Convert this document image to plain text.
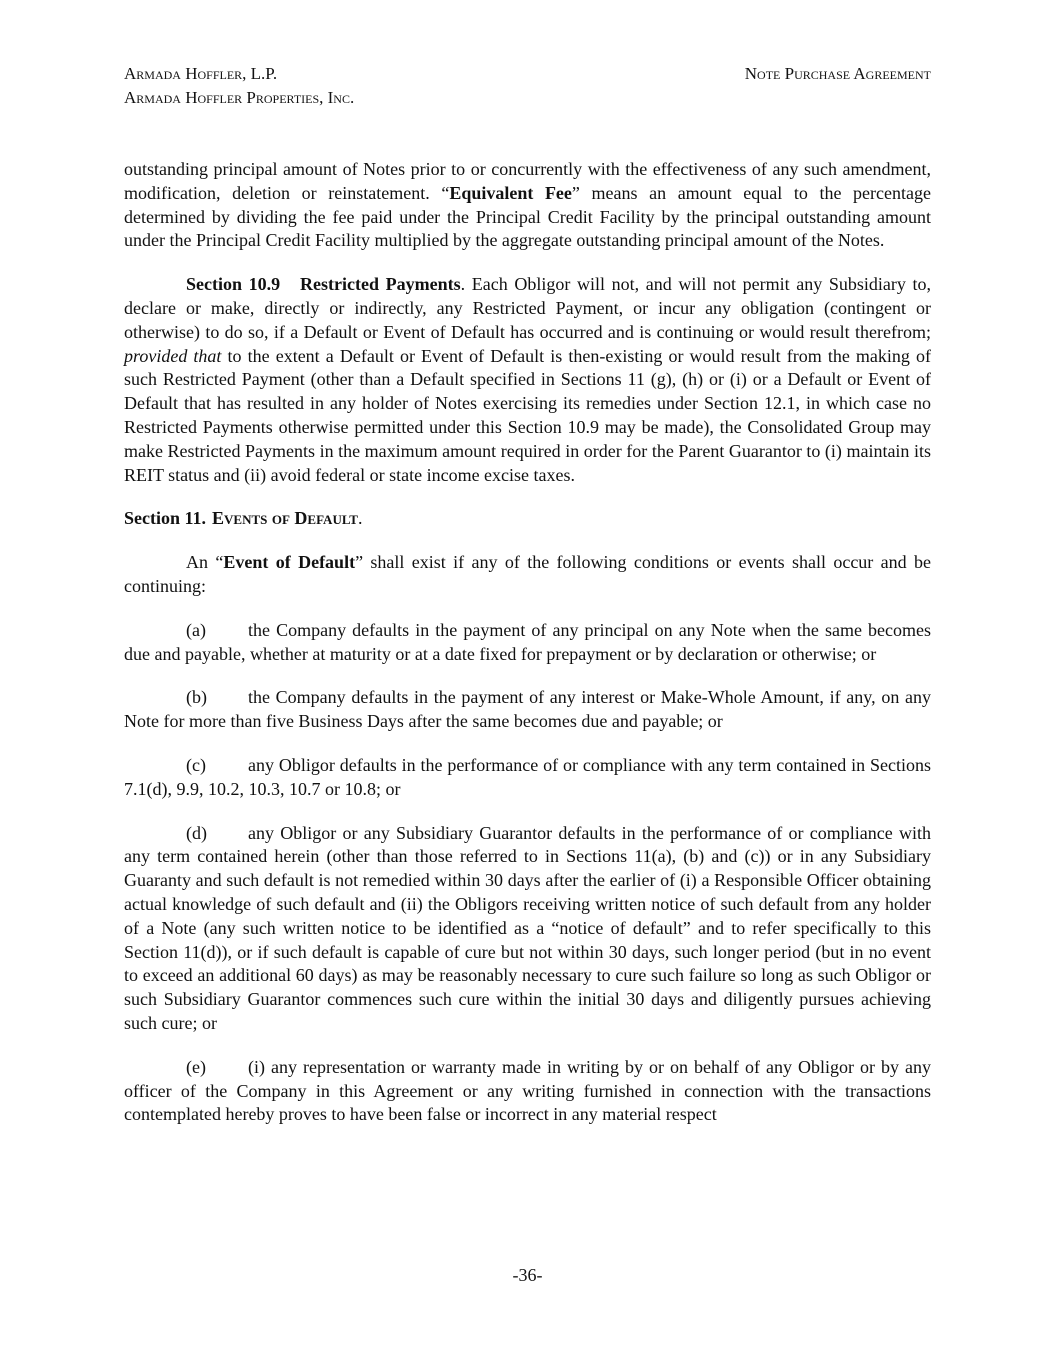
Armada Hoffler, L.P.
Armada Hoffler Properties, Inc.
Note Purchase Agreement

outstanding principal amount of Notes prior to or concurrently with the effectiveness of any such amendment, modification, deletion or reinstatement. “Equivalent Fee” means an amount equal to the percentage determined by dividing the fee paid under the Principal Credit Facility by the principal outstanding amount under the Principal Credit Facility multiplied by the aggregate outstanding principal amount of the Notes.

Section 10.9   Restricted Payments. Each Obligor will not, and will not permit any Subsidiary to, declare or make, directly or indirectly, any Restricted Payment, or incur any obligation (contingent or otherwise) to do so, if a Default or Event of Default has occurred and is continuing or would result therefrom; provided that to the extent a Default or Event of Default is then-existing or would result from the making of such Restricted Payment (other than a Default specified in Sections 11 (g), (h) or (i) or a Default or Event of Default that has resulted in any holder of Notes exercising its remedies under Section 12.1, in which case no Restricted Payments otherwise permitted under this Section 10.9 may be made), the Consolidated Group may make Restricted Payments in the maximum amount required in order for the Parent Guarantor to (i) maintain its REIT status and (ii) avoid federal or state income excise taxes.

Section 11. Events of Default.

An “Event of Default” shall exist if any of the following conditions or events shall occur and be continuing:

(a) the Company defaults in the payment of any principal on any Note when the same becomes due and payable, whether at maturity or at a date fixed for prepayment or by declaration or otherwise; or

(b) the Company defaults in the payment of any interest or Make-Whole Amount, if any, on any Note for more than five Business Days after the same becomes due and payable; or

(c) any Obligor defaults in the performance of or compliance with any term contained in Sections 7.1(d), 9.9, 10.2, 10.3, 10.7 or 10.8; or

(d) any Obligor or any Subsidiary Guarantor defaults in the performance of or compliance with any term contained herein (other than those referred to in Sections 11(a), (b) and (c)) or in any Subsidiary Guaranty and such default is not remedied within 30 days after the earlier of (i) a Responsible Officer obtaining actual knowledge of such default and (ii) the Obligors receiving written notice of such default from any holder of a Note (any such written notice to be identified as a “notice of default” and to refer specifically to this Section 11(d)), or if such default is capable of cure but not within 30 days, such longer period (but in no event to exceed an additional 60 days) as may be reasonably necessary to cure such failure so long as such Obligor or such Subsidiary Guarantor commences such cure within the initial 30 days and diligently pursues achieving such cure; or

(e) (i) any representation or warranty made in writing by or on behalf of any Obligor or by any officer of the Company in this Agreement or any writing furnished in connection with the transactions contemplated hereby proves to have been false or incorrect in any material respect

-36-
